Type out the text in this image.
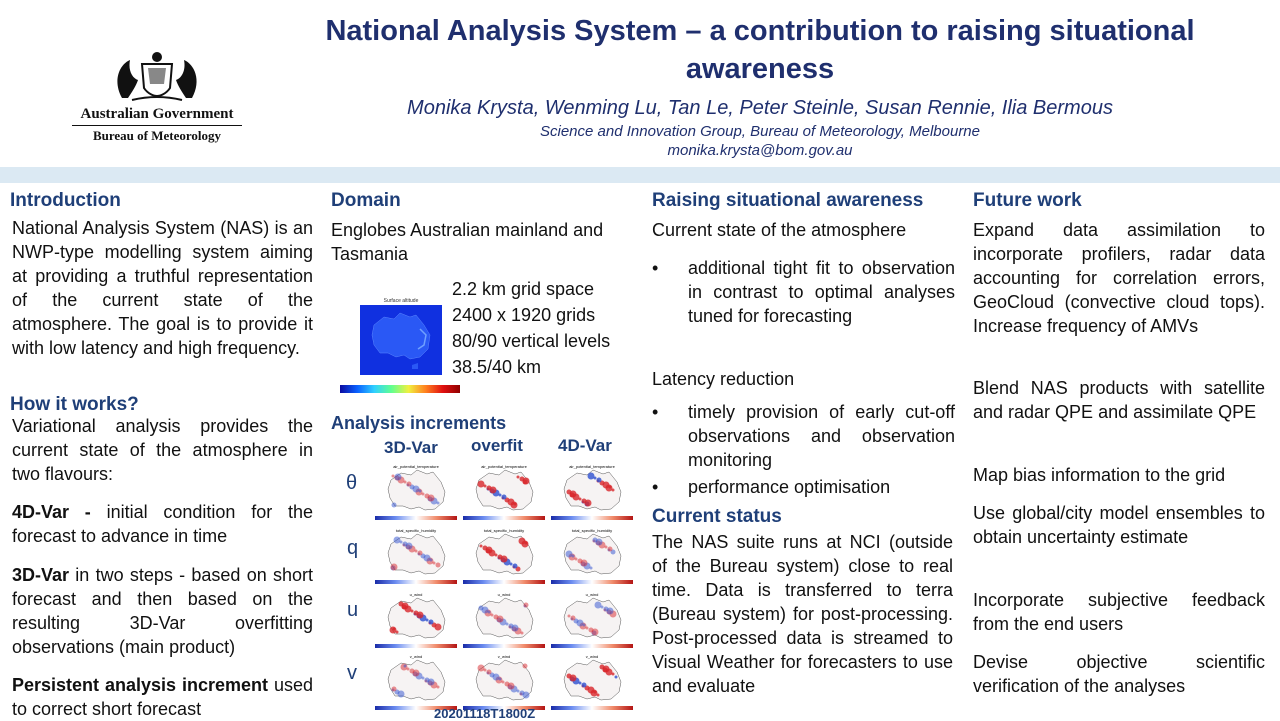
Australian Government
Bureau of Meteorology
National Analysis System – a contribution to raising situational awareness
Monika Krysta, Wenming Lu, Tan Le, Peter Steinle, Susan Rennie, Ilia Bermous
Science and Innovation Group, Bureau of Meteorology, Melbourne
monika.krysta@bom.gov.au
Introduction
National Analysis System (NAS) is an NWP-type modelling system aiming at providing a truthful representation of the current state of the atmosphere. The goal is to provide it with low latency and high frequency.
How it works?
Variational analysis provides the current state of the atmosphere in two flavours:
4D-Var - initial condition for the forecast to advance in time
3D-Var in two steps - based on short forecast and then based on the resulting 3D-Var overfitting observations (main product)
Persistent analysis increment used to correct short forecast
Domain
Englobes Australian mainland and Tasmania
Surface altitude
2.2 km grid space
2400 x 1920 grids
80/90 vertical levels
38.5/40 km
Analysis increments
3D-Var overfit 4D-Var
θ
q
u
v
air_potential_temperature	air_potential_temperature	air_potential_temperature
total_specific_humidity	total_specific_humidity	total_specific_humidity
u_wind	u_wind	u_wind
v_wind	v_wind	v_wind
20201118T1800Z
Raising situational awareness
Current state of the atmosphere
• additional tight fit to observation in contrast to optimal analyses tuned for forecasting
Latency reduction
• timely provision of early cut-off observations and observation monitoring
• performance optimisation
Current status
The NAS suite runs at NCI (outside of the Bureau system) close to real time. Data is transferred to terra (Bureau system) for post-processing. Post-processed data is streamed to Visual Weather for forecasters to use and evaluate
Future work
Expand data assimilation to incorporate profilers, radar data accounting for correlation errors, GeoCloud (convective cloud tops). Increase frequency of AMVs
Blend NAS products with satellite and radar QPE and assimilate QPE
Map bias information to the grid
Use global/city model ensembles to obtain uncertainty estimate
Incorporate subjective feedback from the end users
Devise objective scientific verification of the analyses
